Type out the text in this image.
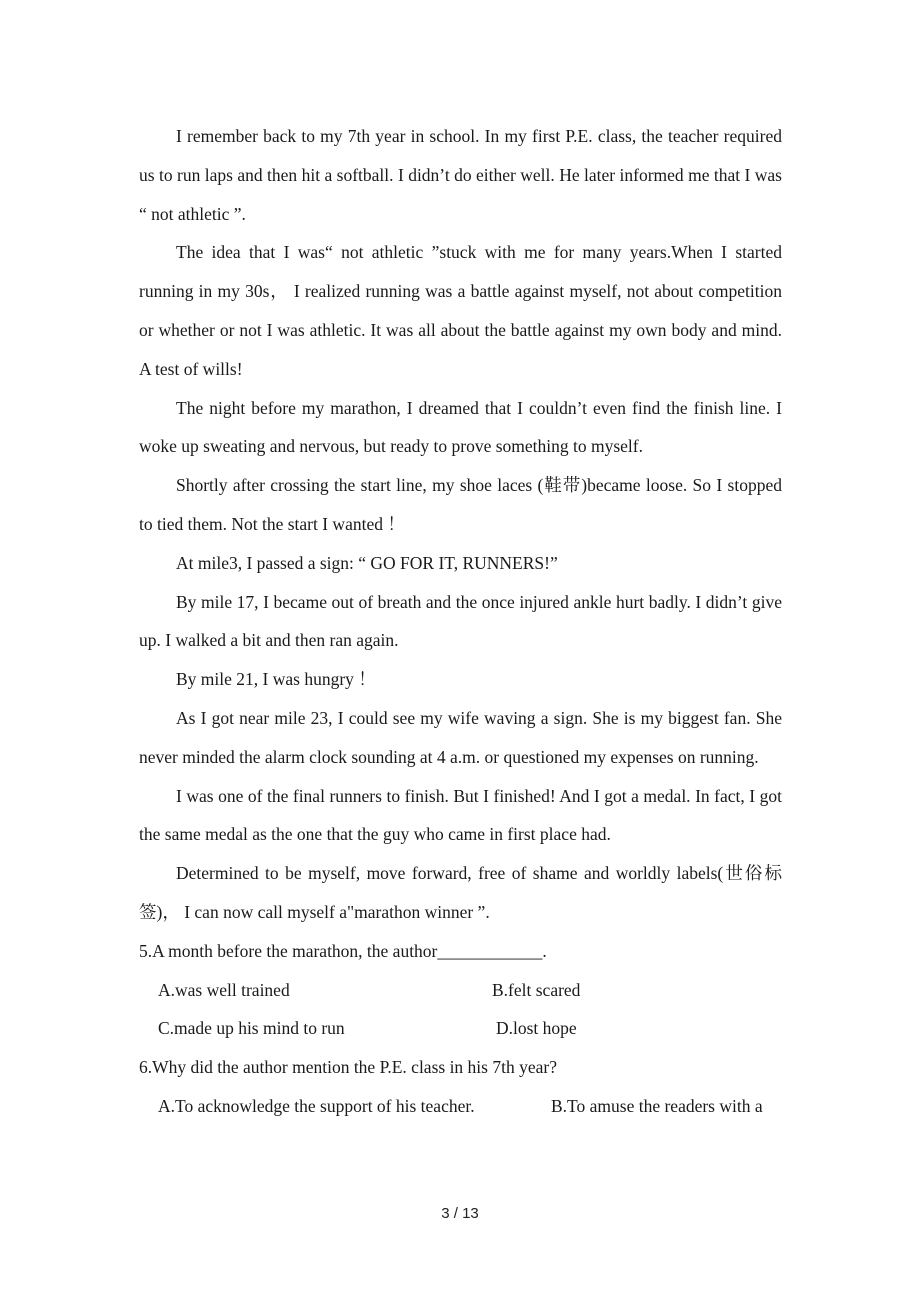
I remember back to my 7th year in school. In my first P.E. class, the teacher required us to run laps and then hit a softball. I didn’t do either well. He later informed me that I was “ not athletic ”.

The idea that I was“ not athletic ”stuck with me for many years.When I started running in my 30s， I realized running was a battle against myself, not about competition or whether or not I was athletic. It was all about the battle against my own body and mind. A test of wills!

The night before my marathon, I dreamed that I couldn’t even find the finish line. I woke up sweating and nervous, but ready to prove something to myself.

Shortly after crossing the start line, my shoe laces (鞋带)became loose. So I stopped to tied them. Not the start I wanted ！

At mile3, I passed a sign: “ GO FOR IT, RUNNERS!”

By mile 17, I became out of breath and the once injured ankle hurt badly. I didn’t give up. I walked a bit and then ran again.

By mile 21, I was hungry ！

As I got near mile 23, I could see my wife waving a sign. She is my biggest fan. She never minded the alarm clock sounding at 4 a.m. or questioned my expenses on running.

I was one of the final runners to finish. But I finished! And I got a medal. In fact, I got the same medal as the one that the guy who came in first place had.

Determined to be myself, move forward, free of shame and worldly labels(世俗标签)， I can now call myself a"marathon winner ”.

5.A month before the marathon, the author____________.

A.was well trained	B.felt scared
C.made up his mind to run	D.lost hope

6.Why did the author mention the P.E. class in his 7th year?

A.To acknowledge the support of his teacher.	B.To amuse the readers with a
3 / 13
